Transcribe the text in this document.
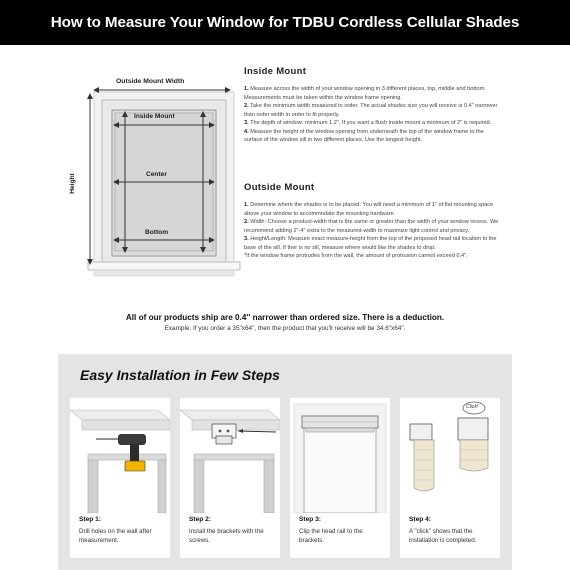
How to Measure Your Window for TDBU Cordless Cellular Shades
Outside Mount Width
Inside Mount
Center
Bottom
Height
Inside Mount
1. Measure across the width of your window opening in 3 different places, top, middle and bottom. Measurements must be taken within the window frame opening.
2. Take the minimum width measured to order. The actual shades size you will receive is 0.4" narrower than order width in order to fit properly.
3. The depth of window: minimum 1.2", If you want a flush inside mount a minimum of 2" is required.
4. Measure the height of the window opening from underneath the top of the window frame to the surface of the window sill in two different places. Use the longest height.
Outside Mount
1. Determine where the shades is to be placed. You will need a minimum of 1" of flat mounting space above your window to accommodate the mounting hardware.
2. Width: Choose a product-width that is the same or greater than the width of your window recess. We recommend adding 2"-4" extra to the measured-width to maximize light control and privacy.
3. Height/Length: Measure exact measure-height from the top of the proposed head rail location to the base of the sill. If ther is no sill, measure where would like the shades to drop.
*If the window frame protrudes from the wall, the amount of protrusion cannot exceed 0.4".
All of our products ship are 0.4'' narrower than ordered size. There is a deduction.
Example: If you order a 35"x64", then the product that you'll receive will be 34.6"x64".
Easy Installation in Few Steps
Step 1:
Drill holes on the wall after measurement.
Step 2:
Install the brackets with the screws.
Step 3:
Clip the head rail to the brackets.
Click!
Step 4:
A "click" shows that the installation is completed.
